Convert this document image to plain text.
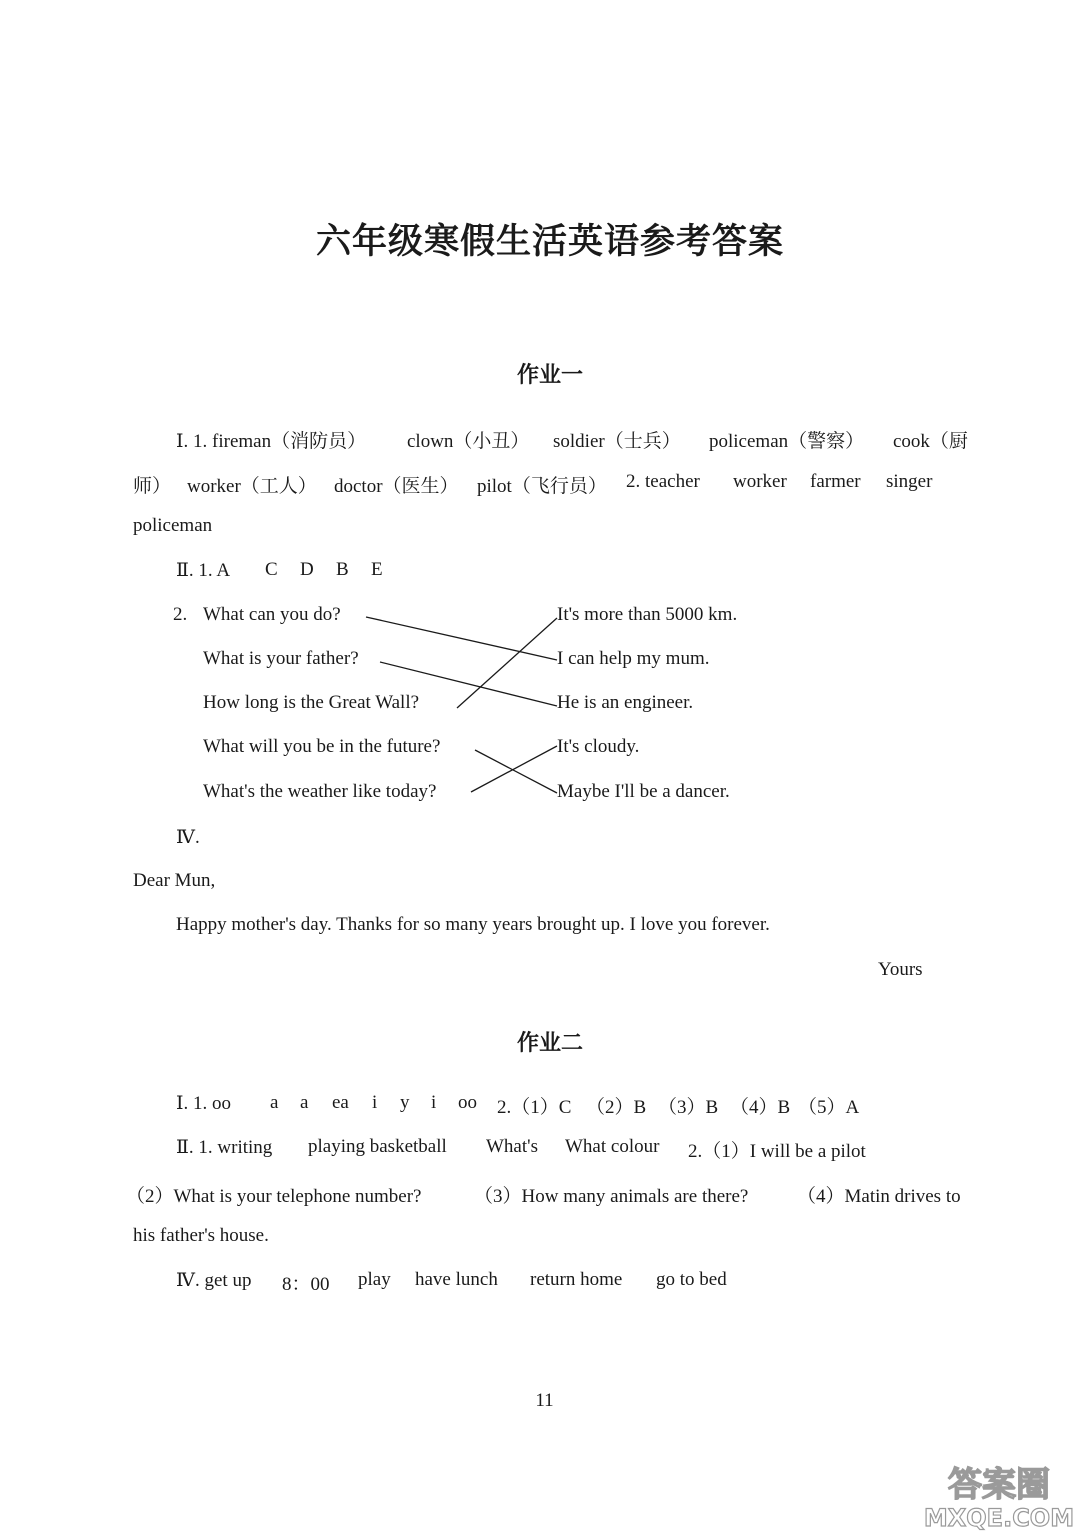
六年级寒假生活英语参考答案
作业一
Ⅰ. 1. fireman（消防员） clown（小丑） soldier（士兵） policeman（警察） cook（厨
师） worker（工人） doctor（医生） pilot（飞行员） 2. teacher worker farmer singer
policeman
Ⅱ. 1. A C D B E
2. What can you do?
What is your father?
How long is the Great Wall?
What will you be in the future?
What's the weather like today?
It's more than 5000 km.
I can help my mum.
He is an engineer.
It's cloudy.
Maybe I'll be a dancer.
Ⅳ.
Dear Mun,
Happy mother's day. Thanks for so many years brought up. I love you forever.
Yours
作业二
Ⅰ. 1. oo a a ea i y i oo 2.（1）C （2）B （3）B （4）B （5）A
Ⅱ. 1. writing playing basketball What's What colour 2.（1）I will be a pilot
（2）What is your telephone number?	（3）How many animals are there?	（4）Matin drives to
his father's house.
Ⅳ. get up 8：00 play have lunch return home go to bed
11
答案圈
MXQE.COM
